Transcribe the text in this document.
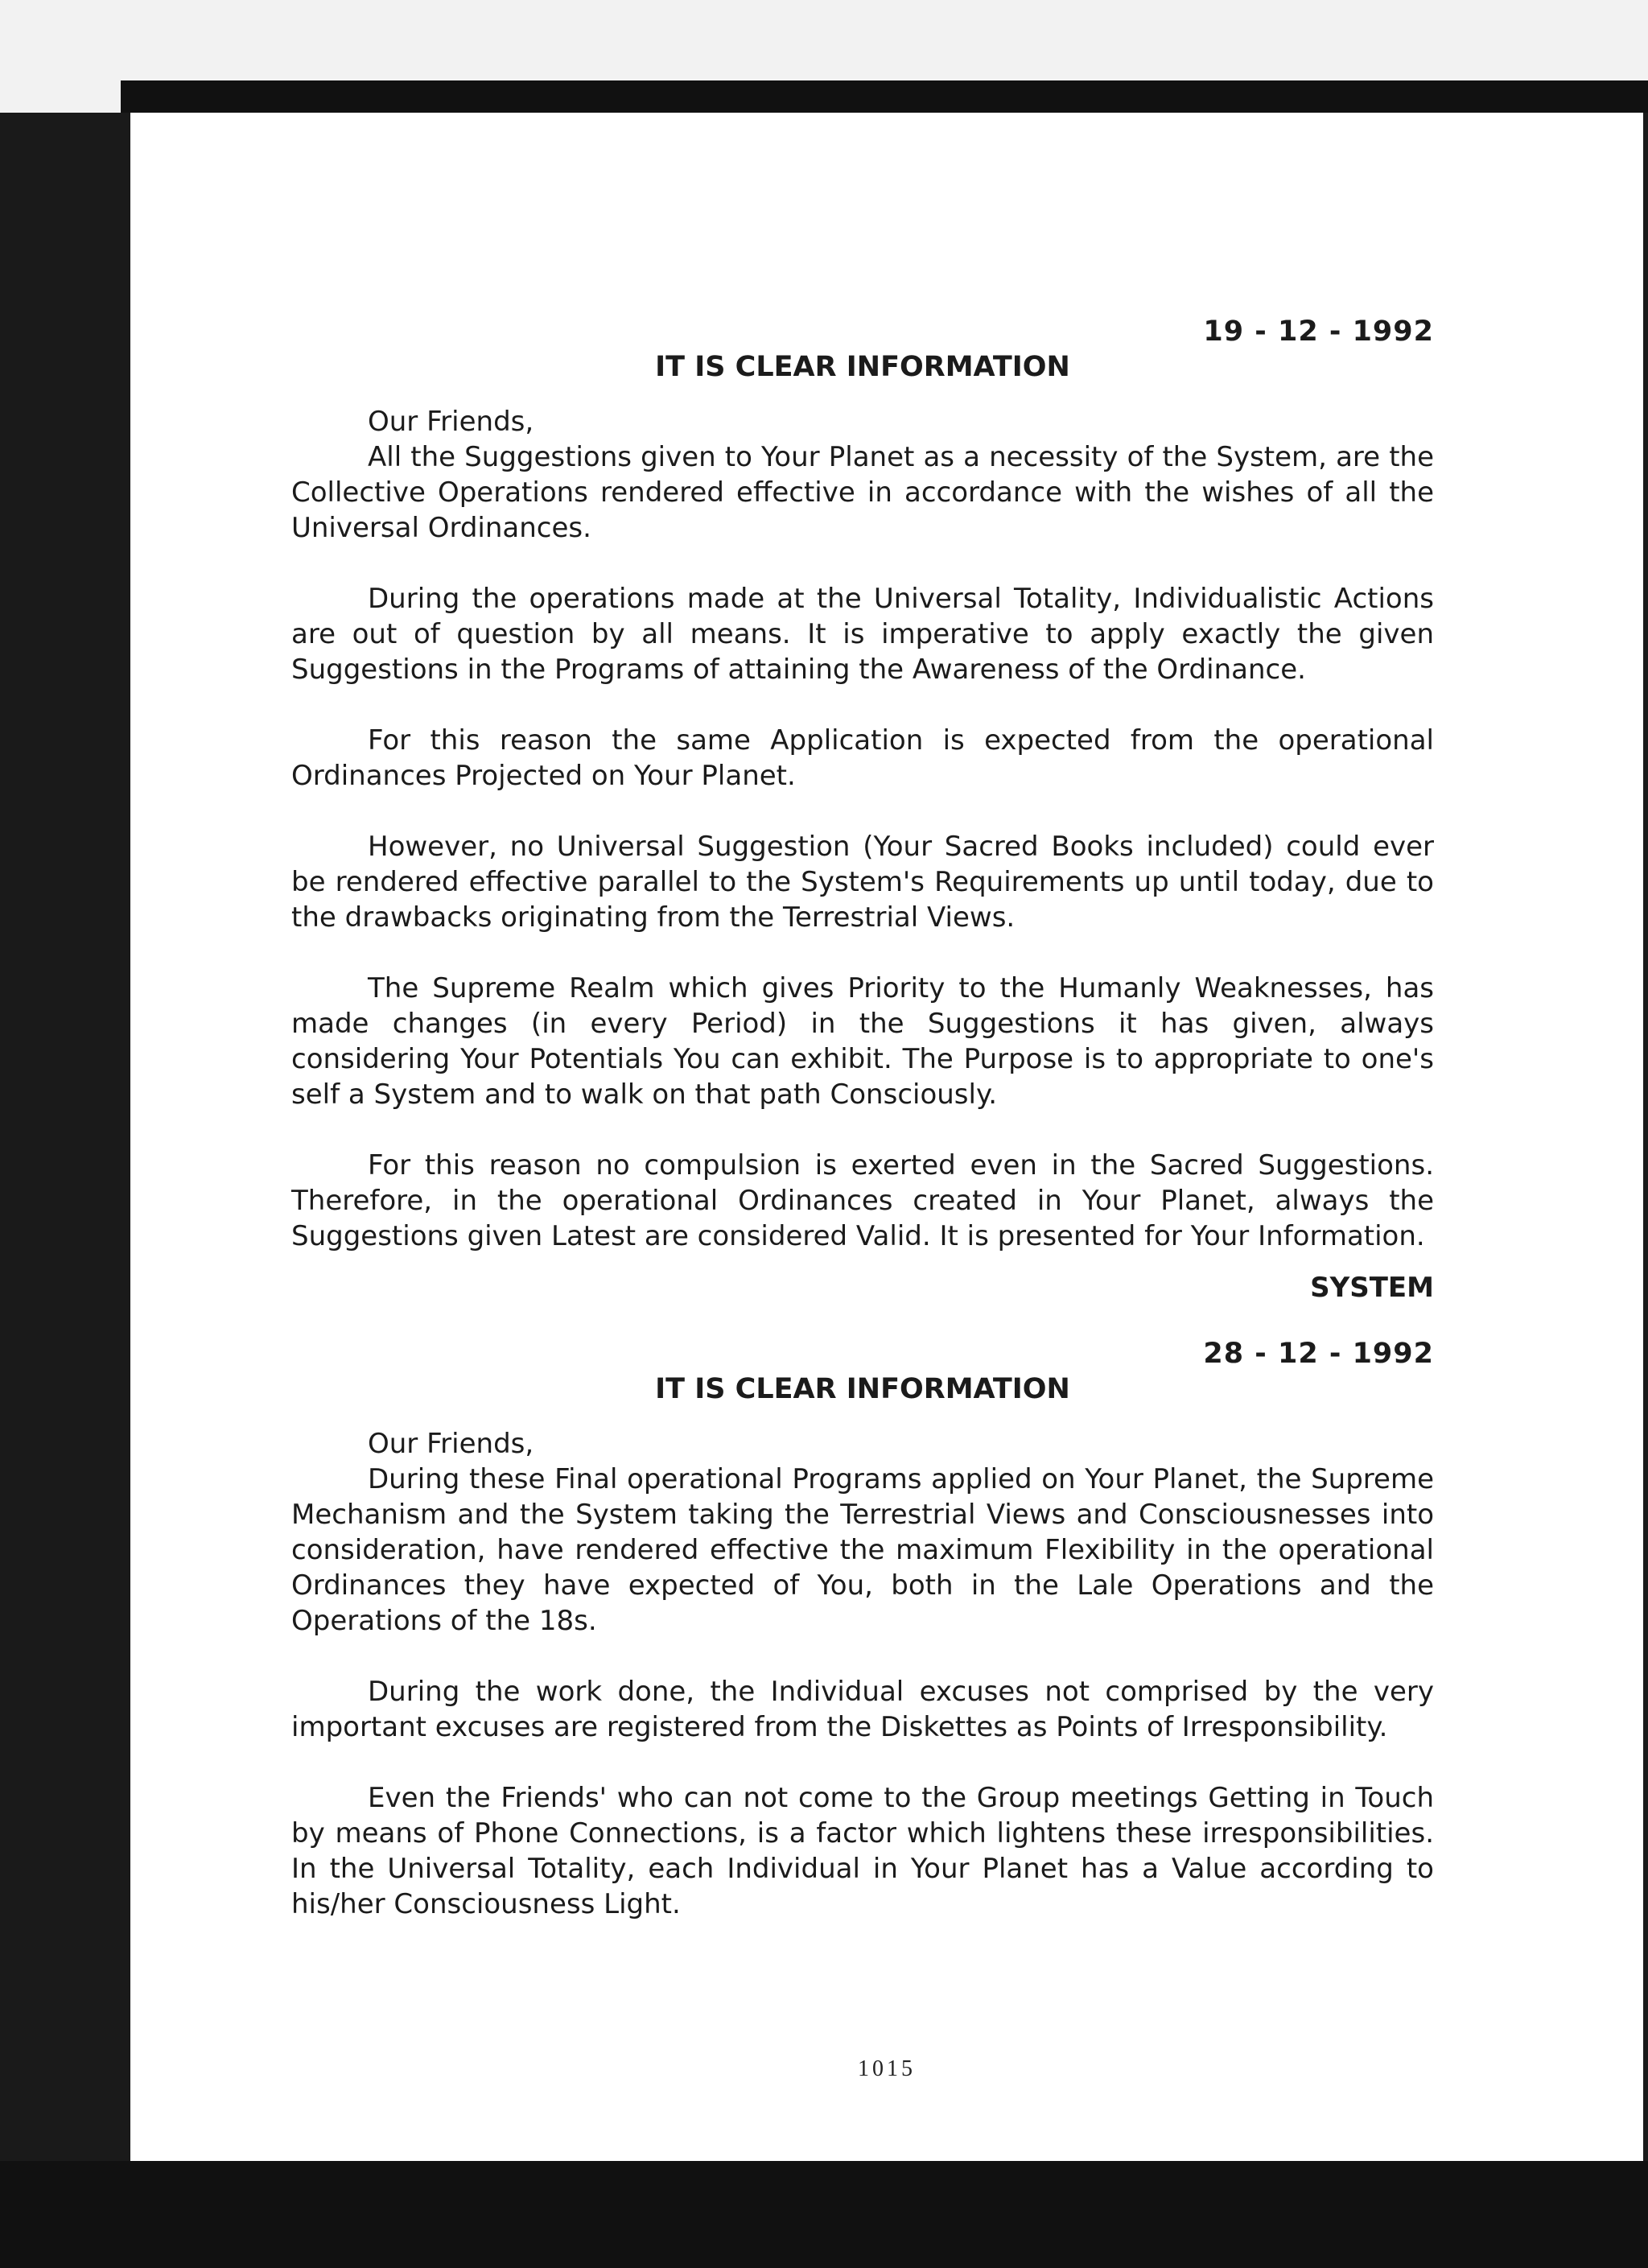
19 - 12 - 1992
IT IS CLEAR INFORMATION
Our Friends,
All the Suggestions given to Your Planet as a necessity of the System, are the Collective Operations rendered effective in accordance with the wishes of all the Universal Ordinances.
During the operations made at the Universal Totality, Individualistic Actions are out of question by all means. It is imperative to apply exactly the given Suggestions in the Programs of attaining the Awareness of the Ordinance.
For this reason the same Application is expected from the operational Ordinances Projected on Your Planet.
However, no Universal Suggestion (Your Sacred Books included) could ever be rendered effective parallel to the System's Requirements up until today, due to the drawbacks originating from the Terrestrial Views.
The Supreme Realm which gives Priority to the Humanly Weaknesses, has made changes (in every Period) in the Suggestions it has given, always considering Your Potentials You can exhibit. The Purpose is to appropriate to one's self a System and to walk on that path Consciously.
For this reason no compulsion is exerted even in the Sacred Suggestions. Therefore, in the operational Ordinances created in Your Planet, always the Suggestions given Latest are considered Valid. It is presented for Your Information.
SYSTEM
28 - 12 - 1992
IT IS CLEAR INFORMATION
Our Friends,
During these Final operational Programs applied on Your Planet, the Supreme Mechanism and the System taking the Terrestrial Views and Consciousnesses into consideration, have rendered effective the maximum Flexibility in the operational Ordinances they have expected of You, both in the Lale Operations and the Operations of the 18s.
During the work done, the Individual excuses not comprised by the very important excuses are registered from the Diskettes as Points of Irresponsibility.
Even the Friends' who can not come to the Group meetings Getting in Touch by means of Phone Connections, is a factor which lightens these irresponsibilities. In the Universal Totality, each Individual in Your Planet has a Value according to his/her Consciousness Light.
1015
